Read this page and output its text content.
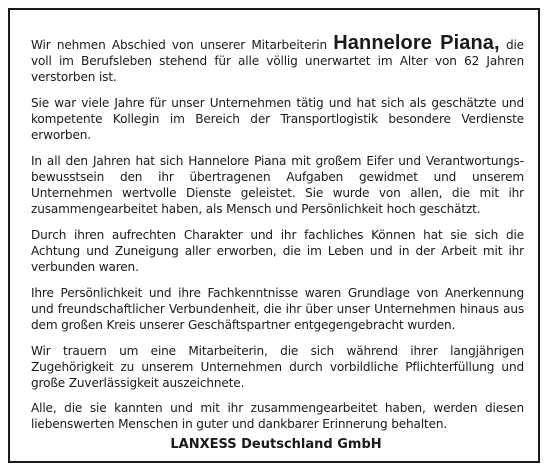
Wir nehmen Abschied von unserer Mitarbeiterin Hannelore Piana, die voll im Berufsleben stehend für alle völlig unerwartet im Alter von 62 Jahren verstorben ist.

Sie war viele Jahre für unser Unternehmen tätig und hat sich als geschätzte und kompetente Kollegin im Bereich der Transportlogistik besondere Verdienste erworben.

In all den Jahren hat sich Hannelore Piana mit großem Eifer und Verantwortungsbewusstsein den ihr übertragenen Aufgaben gewidmet und unserem Unternehmen wertvolle Dienste geleistet. Sie wurde von allen, die mit ihr zusammengearbeitet haben, als Mensch und Persönlichkeit hoch geschätzt.

Durch ihren aufrechten Charakter und ihr fachliches Können hat sie sich die Achtung und Zuneigung aller erworben, die im Leben und in der Arbeit mit ihr verbunden waren.

Ihre Persönlichkeit und ihre Fachkenntnisse waren Grundlage von Anerkennung und freundschaftlicher Verbundenheit, die ihr über unser Unternehmen hinaus aus dem großen Kreis unserer Geschäftspartner entgegengebracht wurden.

Wir trauern um eine Mitarbeiterin, die sich während ihrer langjährigen Zugehörigkeit zu unserem Unternehmen durch vorbildliche Pflichterfüllung und große Zuverlässigkeit auszeichnete.

Alle, die sie kannten und mit ihr zusammengearbeitet haben, werden diesen liebenswerten Menschen in guter und dankbarer Erinnerung behalten.

LANXESS Deutschland GmbH
